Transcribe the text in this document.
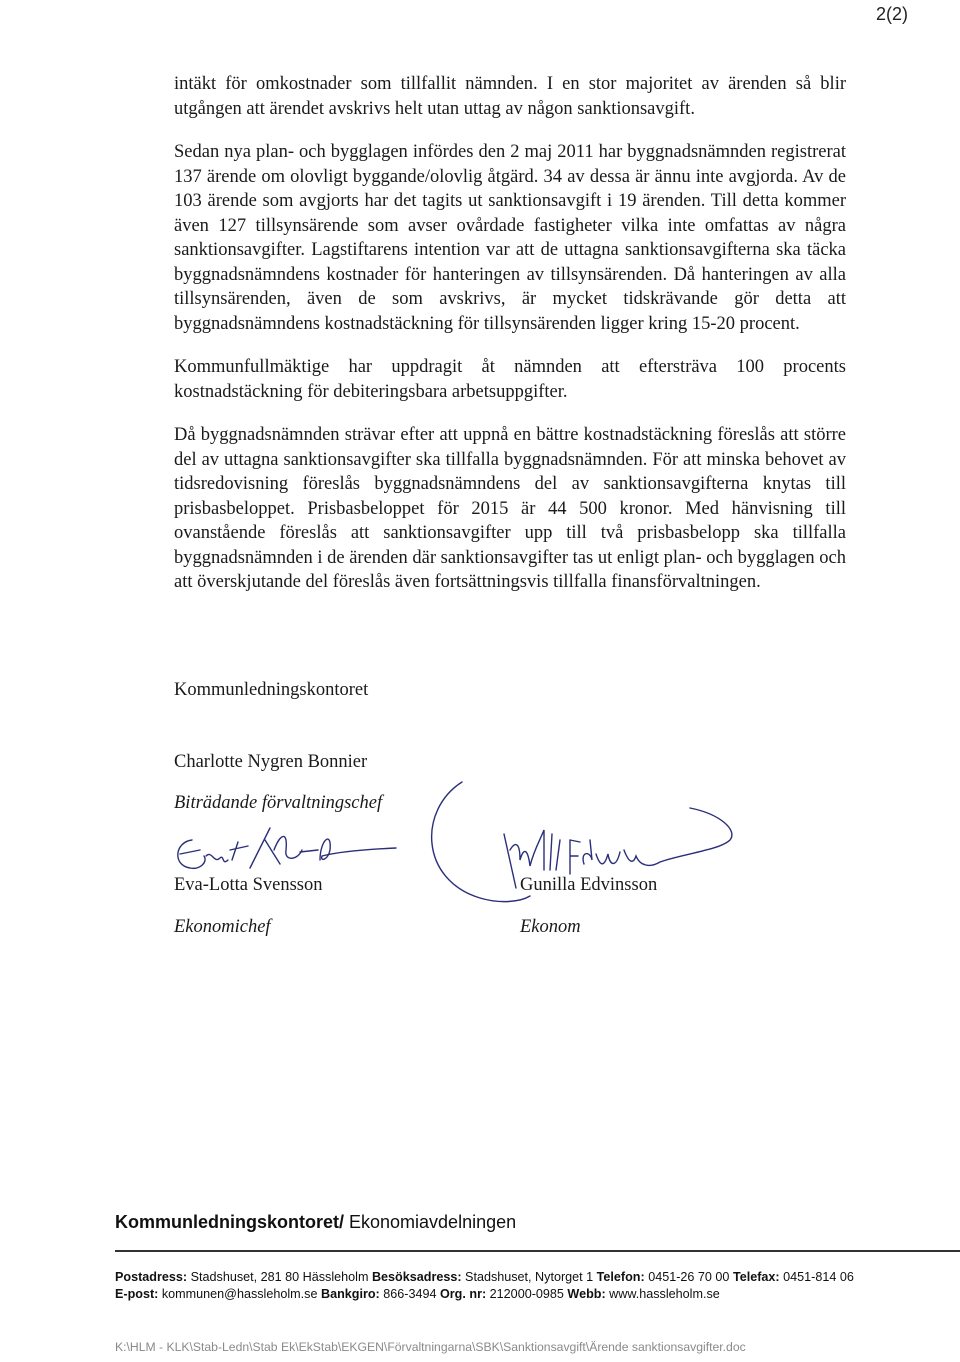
2(2)

intäkt för omkostnader som tillfallit nämnden. I en stor majoritet av ärenden så blir utgången att ärendet avskrivs helt utan uttag av någon sanktionsavgift.

Sedan nya plan- och bygglagen infördes den 2 maj 2011 har byggnadsnämnden registrerat 137 ärende om olovligt byggande/olovlig åtgärd. 34 av dessa är ännu inte avgjorda. Av de 103 ärende som avgjorts har det tagits ut sanktionsavgift i 19 ärenden. Till detta kommer även 127 tillsynsärende som avser ovårdade fastigheter vilka inte omfattas av några sanktionsavgifter. Lagstiftarens intention var att de uttagna sanktionsavgifterna ska täcka byggnadsnämndens kostnader för hanteringen av tillsynsärenden. Då hanteringen av alla tillsynsärenden, även de som avskrivs, är mycket tidskrävande gör detta att byggnadsnämndens kostnadstäckning för tillsynsärenden ligger kring 15-20 procent.

Kommunfullmäktige har uppdragit åt nämnden att eftersträva 100 procents kostnadstäckning för debiteringsbara arbetsuppgifter.

Då byggnadsnämnden strävar efter att uppnå en bättre kostnadstäckning föreslås att större del av uttagna sanktionsavgifter ska tillfalla byggnadsnämnden. För att minska behovet av tidsredovisning föreslås byggnadsnämndens del av sanktionsavgifterna knytas till prisbasbeloppet. Prisbasbeloppet för 2015 är 44 500 kronor. Med hänvisning till ovanstående föreslås att sanktionsavgifter upp till två prisbasbelopp ska tillfalla byggnadsnämnden i de ärenden där sanktionsavgifter tas ut enligt plan- och bygglagen och att överskjutande del föreslås även fortsättningsvis tillfalla finansförvaltningen.

Kommunledningskontoret
Charlotte Nygren Bonnier
Biträdande förvaltningschef
Eva-Lotta Svensson
Ekonomichef
Gunilla Edvinsson
Ekonom
Kommunledningskontoret/ Ekonomiavdelningen
Postadress: Stadshuset, 281 80 Hässleholm Besöksadress: Stadshuset, Nytorget 1 Telefon: 0451-26 70 00 Telefax: 0451-814 06
E-post: kommunen@hassleholm.se Bankgiro: 866-3494 Org. nr: 212000-0985 Webb: www.hassleholm.se
K:\HLM - KLK\Stab-Ledn\Stab Ek\EkStab\EKGEN\Förvaltningarna\SBK\Sanktionsavgift\Ärende sanktionsavgifter.doc
